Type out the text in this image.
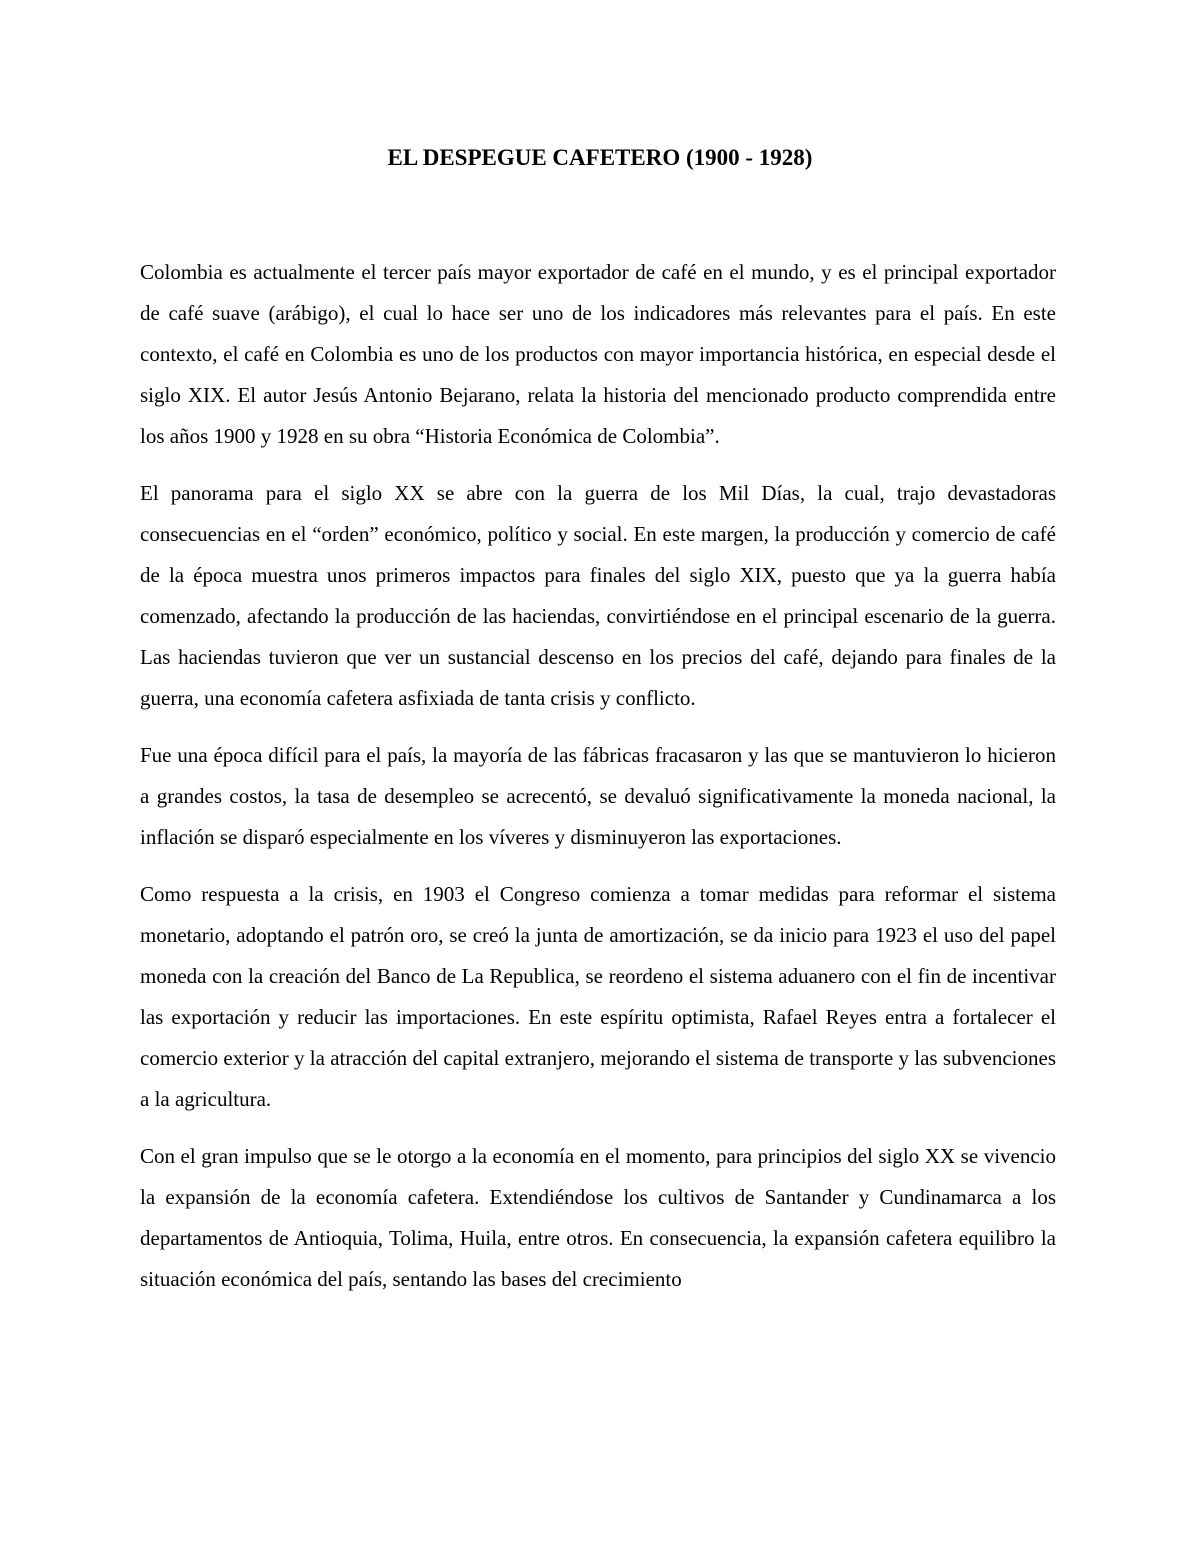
EL DESPEGUE CAFETERO (1900 - 1928)

Colombia es actualmente el tercer país mayor exportador de café en el mundo, y es el principal exportador de café suave (arábigo), el cual lo hace ser uno de los indicadores más relevantes para el país. En este contexto, el café en Colombia es uno de los productos con mayor importancia histórica, en especial desde el siglo XIX. El autor Jesús Antonio Bejarano, relata la historia del mencionado producto comprendida entre los años 1900 y 1928 en su obra “Historia Económica de Colombia”.

El panorama para el siglo XX se abre con la guerra de los Mil Días, la cual, trajo devastadoras consecuencias en el “orden” económico, político y social. En este margen, la producción y comercio de café de la época muestra unos primeros impactos para finales del siglo XIX, puesto que ya la guerra había comenzado, afectando la producción de las haciendas, convirtiéndose en el principal escenario de la guerra. Las haciendas tuvieron que ver un sustancial descenso en los precios del café, dejando para finales de la guerra, una economía cafetera asfixiada de tanta crisis y conflicto.

Fue una época difícil para el país, la mayoría de las fábricas fracasaron y las que se mantuvieron lo hicieron a grandes costos, la tasa de desempleo se acrecentó, se devaluó significativamente la moneda nacional, la inflación se disparó especialmente en los víveres y disminuyeron las exportaciones.

Como respuesta a la crisis, en 1903 el Congreso comienza a tomar medidas para reformar el sistema monetario, adoptando el patrón oro, se creó la junta de amortización, se da inicio para 1923 el uso del papel moneda con la creación del Banco de La Republica, se reordeno el sistema aduanero con el fin de incentivar las exportación y reducir las importaciones. En este espíritu optimista, Rafael Reyes entra a fortalecer el comercio exterior y la atracción del capital extranjero, mejorando el sistema de transporte y las subvenciones a la agricultura.

Con el gran impulso que se le otorgo a la economía en el momento, para principios del siglo XX se vivencio la expansión de la economía cafetera. Extendiéndose los cultivos de Santander y Cundinamarca a los departamentos de Antioquia, Tolima, Huila, entre otros. En consecuencia, la expansión cafetera equilibro la situación económica del país, sentando las bases del crecimiento
